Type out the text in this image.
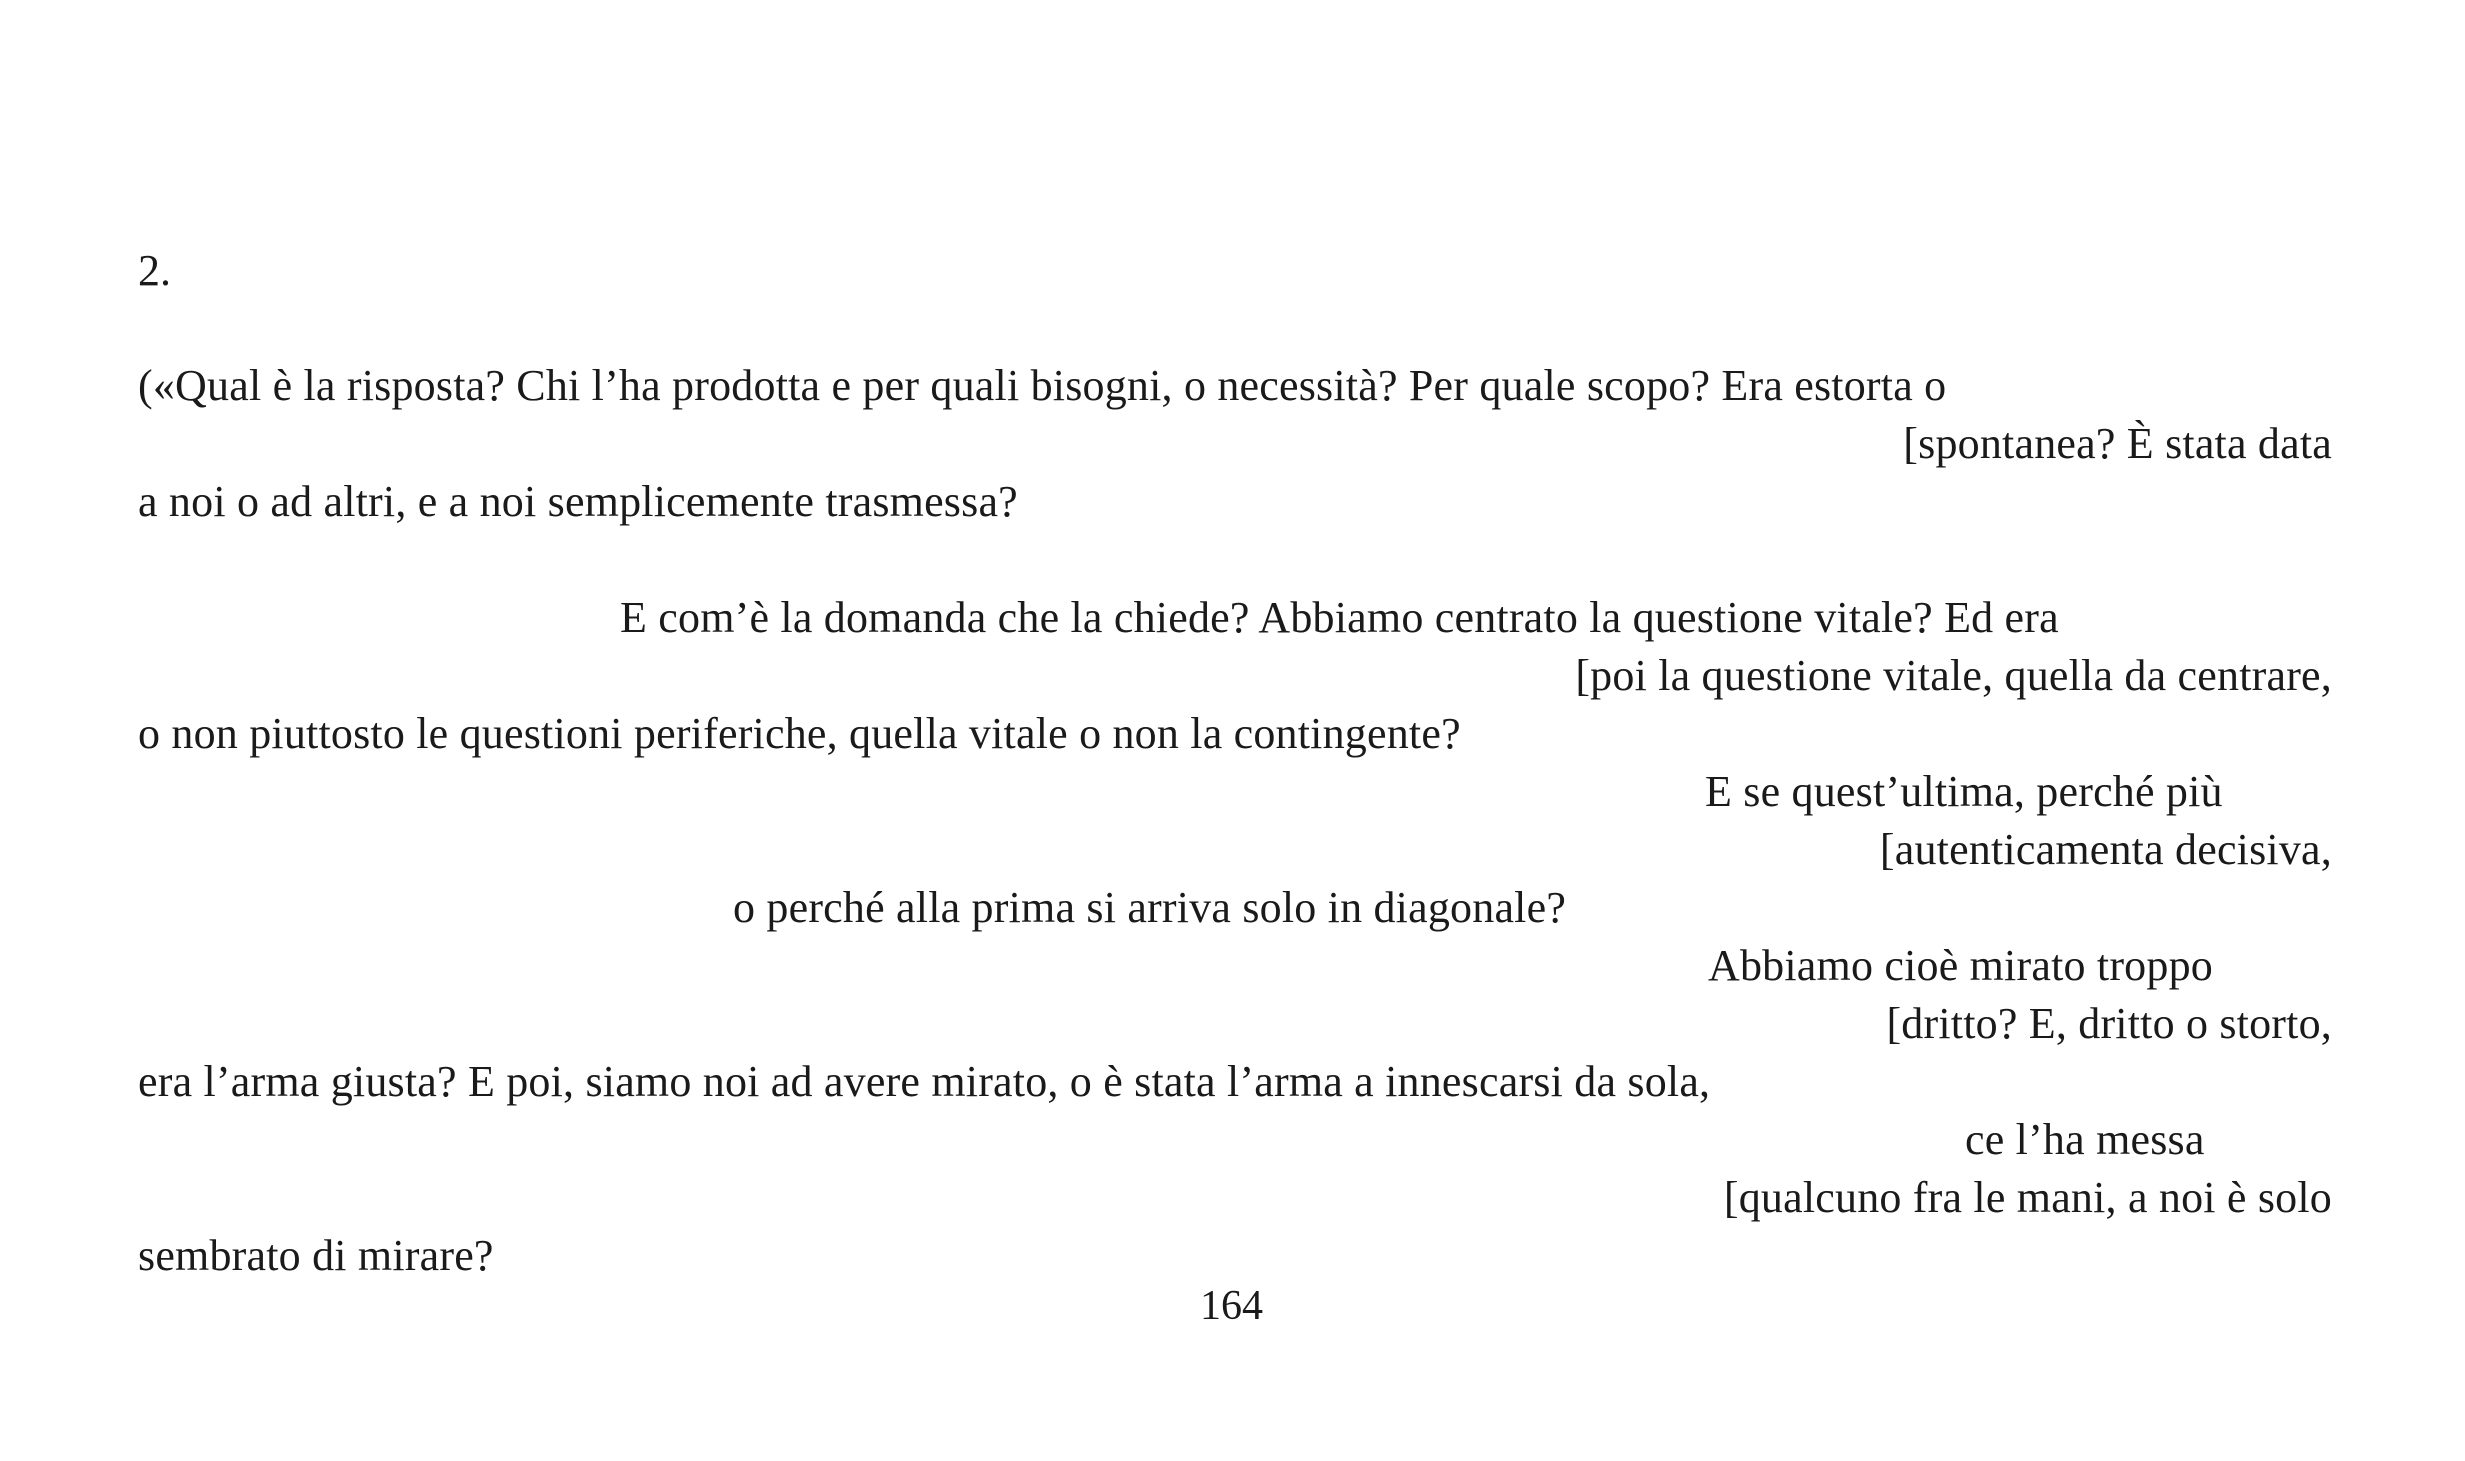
2.
(«Qual è la risposta? Chi l’ha prodotta e per quali bisogni, o necessità? Per quale scopo? Era estorta o
[spontanea? È stata data
a noi o ad altri, e a noi semplicemente trasmessa?
E com’è la domanda che la chiede? Abbiamo centrato la questione vitale? Ed era
[poi la questione vitale, quella da centrare,
o non piuttosto le questioni periferiche, quella vitale o non la contingente?
E se quest’ultima, perché più
[autenticamenta decisiva,
o perché alla prima si arriva solo in diagonale?
Abbiamo cioè mirato troppo
[dritto? E, dritto o storto,
era l’arma giusta? E poi, siamo noi ad avere mirato, o è stata l’arma a innescarsi da sola,
ce l’ha messa
[qualcuno fra le mani, a noi è solo
sembrato di mirare?
164
